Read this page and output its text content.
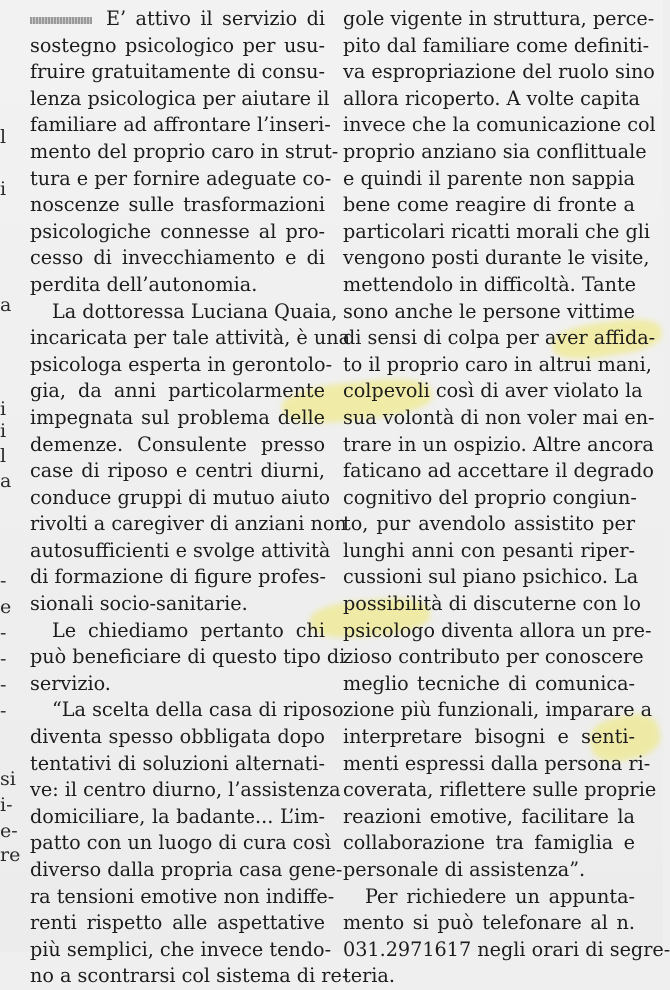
l
i
a
i
i
l
a
-
e
-
-
-
-
si
i-
e-
re
E’ attivo il servizio di
sostegno psicologico per usu-
fruire gratuitamente di consu-
lenza psicologica per aiutare il
familiare ad affrontare l’inseri-
mento del proprio caro in strut-
tura e per fornire adeguate co-
noscenze sulle trasformazioni
psicologiche connesse al pro-
cesso di invecchiamento e di
perdita dell’autonomia.
La dottoressa Luciana Quaia,
incaricata per tale attività, è una
psicologa esperta in gerontolo-
gia, da anni particolarmente
impegnata sul problema delle
demenze. Consulente presso
case di riposo e centri diurni,
conduce gruppi di mutuo aiuto
rivolti a caregiver di anziani non
autosufficienti e svolge attività
di formazione di figure profes-
sionali socio-sanitarie.
Le chiediamo pertanto chi
può beneficiare di questo tipo di
servizio.
“La scelta della casa di riposo
diventa spesso obbligata dopo
tentativi di soluzioni alternati-
ve: il centro diurno, l’assistenza
domiciliare, la badante... L’im-
patto con un luogo di cura così
diverso dalla propria casa gene-
ra tensioni emotive non indiffe-
renti rispetto alle aspettative
più semplici, che invece tendo-
no a scontrarsi col sistema di re-
gole vigente in struttura, perce-
pito dal familiare come definiti-
va espropriazione del ruolo sino
allora ricoperto. A volte capita
invece che la comunicazione col
proprio anziano sia conflittuale
e quindi il parente non sappia
bene come reagire di fronte a
particolari ricatti morali che gli
vengono posti durante le visite,
mettendolo in difficoltà. Tante
sono anche le persone vittime
di sensi di colpa per aver affida-
to il proprio caro in altrui mani,
colpevoli così di aver violato la
sua volontà di non voler mai en-
trare in un ospizio. Altre ancora
faticano ad accettare il degrado
cognitivo del proprio congiun-
to, pur avendolo assistito per
lunghi anni con pesanti riper-
cussioni sul piano psichico. La
possibilità di discuterne con lo
psicologo diventa allora un pre-
zioso contributo per conoscere
meglio tecniche di comunica-
zione più funzionali, imparare a
interpretare bisogni e senti-
menti espressi dalla persona ri-
coverata, riflettere sulle proprie
reazioni emotive, facilitare la
collaborazione tra famiglia e
personale di assistenza”.
Per richiedere un appunta-
mento si può telefonare al n.
031.2971617 negli orari di segre-
teria.
